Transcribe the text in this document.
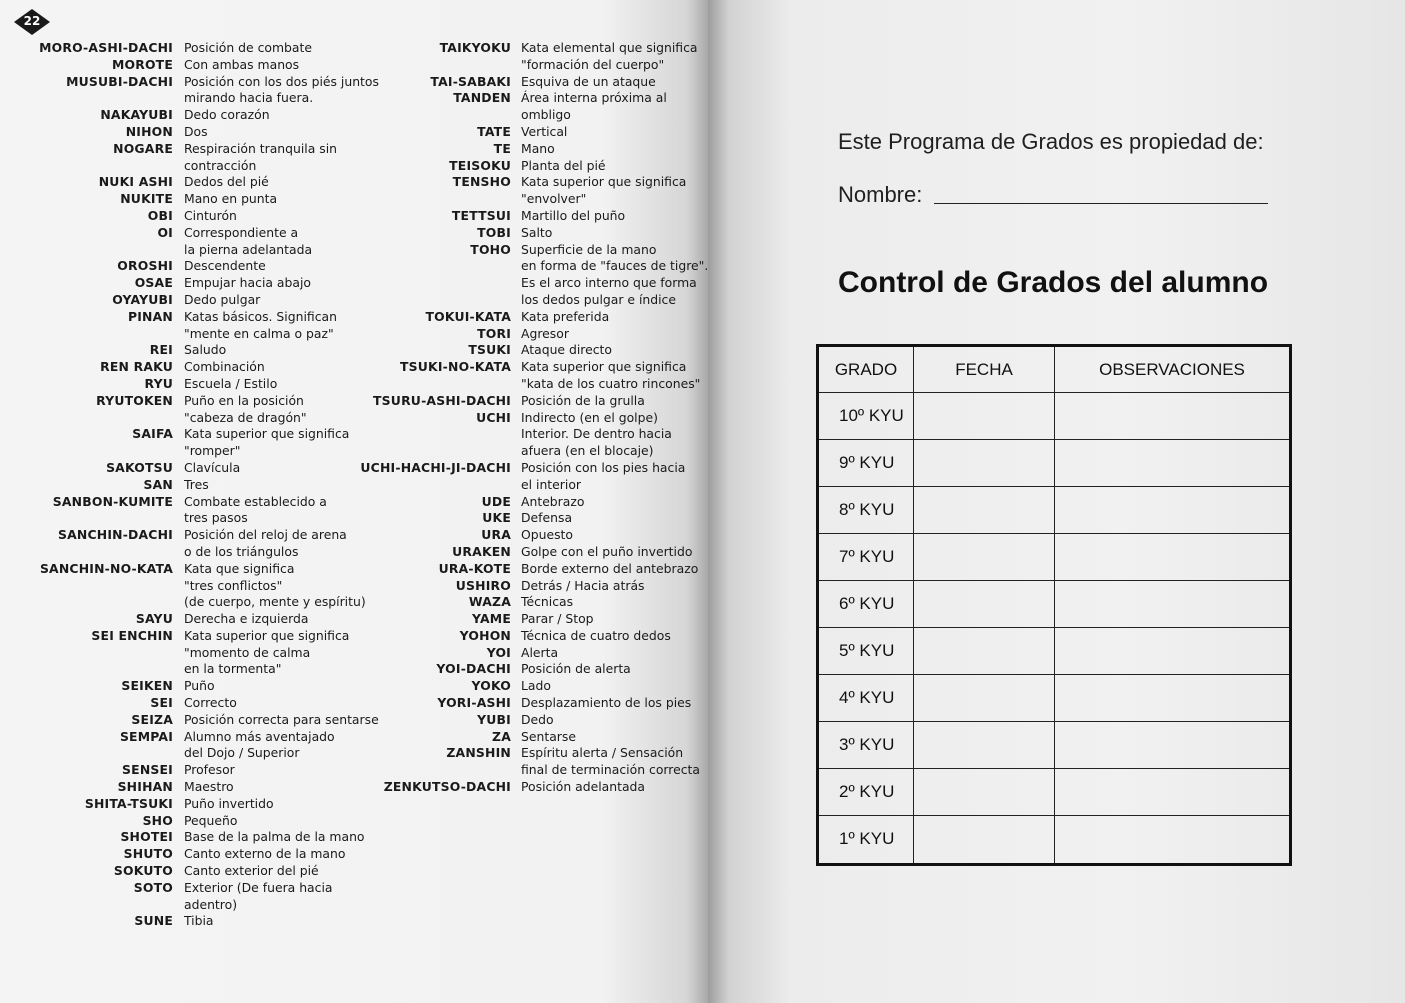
22
MORO-ASHI-DACHI Posición de combate
MOROTE Con ambas manos
MUSUBI-DACHI Posición con los dos piés juntos
mirando hacia fuera.
NAKAYUBI Dedo corazón
NIHON Dos
NOGARE Respiración tranquila sin
contracción
NUKI ASHI Dedos del pié
NUKITE Mano en punta
OBI Cinturón
OI Correspondiente a
la pierna adelantada
OROSHI Descendente
OSAE Empujar hacia abajo
OYAYUBI Dedo pulgar
PINAN Katas básicos. Significan
"mente en calma o paz"
REI Saludo
REN RAKU Combinación
RYU Escuela / Estilo
RYUTOKEN Puño en la posición
"cabeza de dragón"
SAIFA Kata superior que significa
"romper"
SAKOTSU Clavícula
SAN Tres
SANBON-KUMITE Combate establecido a
tres pasos
SANCHIN-DACHI Posición del reloj de arena
o de los triángulos
SANCHIN-NO-KATA Kata que significa
"tres conflictos"
(de cuerpo, mente y espíritu)
SAYU Derecha e izquierda
SEI ENCHIN Kata superior que significa
"momento de calma
en la tormenta"
SEIKEN Puño
SEI Correcto
SEIZA Posición correcta para sentarse
SEMPAI Alumno más aventajado
del Dojo / Superior
SENSEI Profesor
SHIHAN Maestro
SHITA-TSUKI Puño invertido
SHO Pequeño
SHOTEI Base de la palma de la mano
SHUTO Canto externo de la mano
SOKUTO Canto exterior del pié
SOTO Exterior (De fuera hacia
adentro)
SUNE Tibia
TAIKYOKU Kata elemental que significa
"formación del cuerpo"
TAI-SABAKI Esquiva de un ataque
TANDEN Área interna próxima al
ombligo
TATE Vertical
TE Mano
TEISOKU Planta del pié
TENSHO Kata superior que significa
"envolver"
TETTSUI Martillo del puño
TOBI Salto
TOHO Superficie de la mano
en forma de "fauces de tigre".
Es el arco interno que forma
los dedos pulgar e índice
TOKUI-KATA Kata preferida
TORI Agresor
TSUKI Ataque directo
TSUKI-NO-KATA Kata superior que significa
"kata de los cuatro rincones"
TSURU-ASHI-DACHI Posición de la grulla
UCHI Indirecto (en el golpe)
Interior. De dentro hacia
afuera (en el blocaje)
UCHI-HACHI-JI-DACHI Posición con los pies hacia
el interior
UDE Antebrazo
UKE Defensa
URA Opuesto
URAKEN Golpe con el puño invertido
URA-KOTE Borde externo del antebrazo
USHIRO Detrás / Hacia atrás
WAZA Técnicas
YAME Parar / Stop
YOHON Técnica de cuatro dedos
YOI Alerta
YOI-DACHI Posición de alerta
YOKO Lado
YORI-ASHI Desplazamiento de los pies
YUBI Dedo
ZA Sentarse
ZANSHIN Espíritu alerta / Sensación
final de terminación correcta
ZENKUTSO-DACHI Posición adelantada
Este Programa de Grados es propiedad de:
Nombre:
Control de Grados del alumno
GRADO	FECHA	OBSERVACIONES
10º KYU		
9º KYU		
8º KYU		
7º KYU		
6º KYU		
5º KYU		
4º KYU		
3º KYU		
2º KYU		
1º KYU		
